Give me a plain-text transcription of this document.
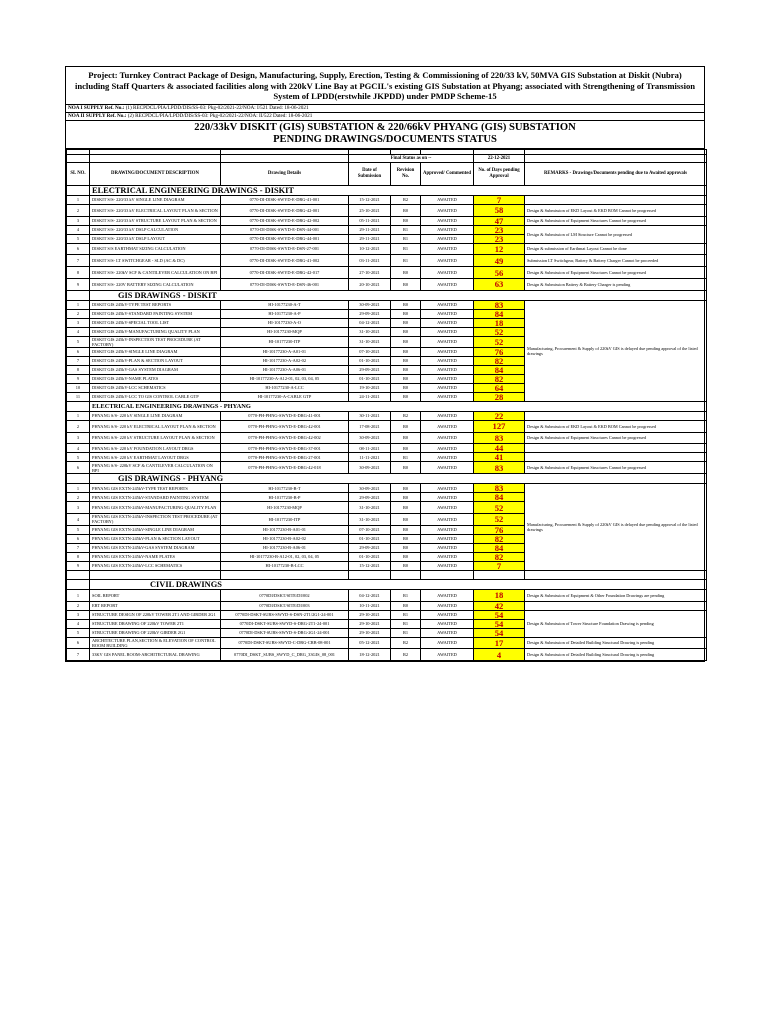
Project: Turnkey Contract Package of Design, Manufacturing, Supply, Erection, Testing & Commissioning of 220/33 kV, 50MVA GIS Substation at Diskit (Nubra) including Staff Quarters & associated facilities along with 220kV Line Bay at PGCIL's existing GIS Substation at Phyang; associated with Strengthening of Transmission System of LPDD(erstwhile JKPDD) under PMDP Scheme-15
NOA I SUPPLY Ref. No.: (1) RECPDCL/PIA/LPDD/DIS/SS-03: Pkg-02/2021-22/NOA: I/521 Dated: 18-06-2021
NOA II SUPPLY Ref. No.: (2) RECPDCL/PIA/LPDD/DIS/SS-03: Pkg-02/2021-22/NOA: II/522 Dated: 18-06-2021
220/33kV DISKIT (GIS) SUBSTATION & 220/66kV PHYANG (GIS) SUBSTATION
PENDING DRAWINGS/DOCUMENTS STATUS

			Final Status as on --			22-12-2021	
SL NO.	DRAWING/DOCUMENT DESCRIPTION	Drawing Details	Date of Submission	Revision No.	Approved/ Commented	No. of Days pending Approval	REMARKS - Drawings/Documents pending due to Awaited approvals
	ELECTRICAL ENGINEERING DRAWINGS - DISKIT						
1	DISKIT S/S- 220/33 kV SINGLE LINE DIAGRAM	0770-DI-DISK-SWYD-E-DRG-41-001	15-12-2021	R2	AWAITED	7	
2	DISKIT S/S- 220/33 kV ELECTRICAL LAYOUT PLAN & SECTION	0770-DI-DISK-SWYD-E-DRG-42-001	25-10-2021	R0	AWAITED	58	Design & Submission of EKD Layout & EKD BOM Cannot be progressed
3	DISKIT S/S- 220/33 kV STRUCTURE LAYOUT PLAN & SECTION	0770-DI-DISK-SWYD-E-DRG-42-002	05-11-2021	R0	AWAITED	47	Design & Submission of Equipment Structures Cannot be progressed
4	DISKIT S/S- 220/33 kV DSLP CALCULATION	0770-DI-DISK-SWYD-E-DSN-44-001	29-11-2021	R1	AWAITED	23	Design & Submission of LM Structure Cannot be progressed
5	DISKIT S/S- 220/33 kV DSLP LAYOUT	0770-DI-DISK-SWYD-E-DRG-44-001	29-11-2021	R1	AWAITED	23	
6	DISKIT S/S EARTHMAT SIZING CALCULATION	0770-DI-DISK-SWYD-E-DSN-27-001	10-12-2021	R1	AWAITED	12	Design & submission of Earthmat Layout Cannot be done
7	DISKIT S/S- LT SWITCHGEAR - SLD (AC & DC)	0770-DI-DISK-SWYD-E-DRG-41-002	03-11-2021	R1	AWAITED	49	Submission LT Switchgear, Battery & Battery Charger Cannot be proceeded
8	DISKIT S/S- 220kV SCF & CANTILEVER CALCULATION ON BPI	0770-DI-DISK-SWYD-E-DRG-42-017	27-10-2021	R0	AWAITED	56	Design & Submission of Equipment Structures Cannot be progressed
9	DISKIT S/S- 220V BATTERY SIZING CALCULATION	0770-DI-DISK-SWYD-E-DSN-46-001	20-10-2021	R0	AWAITED	63	Design & Submission Battery & Battery Charger is pending
	GIS DRAWINGS - DISKIT						
1	DISKIT GIS 245kV-TYPE TEST REPORTS	HI-10177230-A-T	30-09-2021	R0	AWAITED	83	Manufacturing, Procurement & Supply of 220kV GIS is delayed due pending approval of the listed drawings
2	DISKIT GIS 245kV-STANDARD PAINTING SYSTEM	HI-10177230-A-P	29-09-2021	R0	AWAITED	84	
3	DISKIT GIS 245kV-SPECIAL TOOL LIST	HI-10177230-A-O	04-12-2021	R0	AWAITED	18	
4	DISKIT GIS 245kV-MANUFACTURING QUALITY PLAN	HI-10177230-MQP	31-10-2021	R0	AWAITED	52	
5	DISKIT GIS 245kV-INSPECTION TEST PROCEDURE (AT FACTORY)	HI-10177230-ITP	31-10-2021	R0	AWAITED	52	
6	DISKIT GIS 245kV-SINGLE LINE DIAGRAM	HI-10177230-A-A01-01	07-10-2021	R0	AWAITED	76	
7	DISKIT GIS 245kV-PLAN & SECTION LAYOUT	HI-10177230-A-A02-02	01-10-2021	R0	AWAITED	82	
8	DISKIT GIS 245kV-GAS SYSTEM DIAGRAM	HI-10177230-A-A06-01	29-09-2021	R0	AWAITED	84	
9	DISKIT GIS 245kV-NAME PLATES	HI-10177230-A-A12-01, 02, 03, 04, 05	01-10-2021	R0	AWAITED	82	
10	DISKIT GIS 245kV-LCC SCHEMATICS	HI-10177230-A-LCC	19-10-2021	R0	AWAITED	64	
11	DISKIT GIS 245kV-LCC TO GIS CONTROL CABLE GTP	HI-10177230-A-CABLE GTP	24-11-2021	R0	AWAITED	28	
	ELECTRICAL ENGINEERING DRAWINGS - PHYANG						
1	PHYANG S/S- 220 kV SINGLE LINE DIAGRAM	0770-PH-PHNG-SWYD-E-DRG-41-001	30-11-2021	R2	AWAITED	22	
2	PHYANG S/S- 220 kV ELECTRICAL LAYOUT PLAN & SECTION	0770-PH-PHNG-SWYD-E-DRG-42-001	17-08-2021	R0	AWAITED	127	Design & Submission of EKD Layout & EKD BOM Cannot be progressed
3	PHYANG S/S- 220 kV STRUCTURE LAYOUT PLAN & SECTION	0770-PH-PHNG-SWYD-E-DRG-42-002	30-09-2021	R0	AWAITED	83	Design & Submission of Equipment Structures Cannot be progressed
4	PHYANG S/S- 220 kV FOUNDATION LAYOUT DRGS	0770-PH-PHNG-SWYD-E-DRG-37-001	08-11-2021	R0	AWAITED	44	
5	PHYANG S/S- 220 kV EARTHMAT LAYOUT DRGS	0770-PH-PHNG-SWYD-E-DRG-27-001	11-11-2021	R1	AWAITED	41	
6	PHYANG S/S- 220kV SCF & CANTILEVER CALCULATION ON BPI	0770-PH-PHNG-SWYD-E-DRG-42-018	30-09-2021	R0	AWAITED	83	Design & Submission of Equipment Structures Cannot be progressed
	GIS DRAWINGS - PHYANG						
1	PHYANG GIS EXTN-245kV-TYPE TEST REPORTS	HI-10177230-B-T	30-09-2021	R0	AWAITED	83	Manufacturing, Procurement & Supply of 220kV GIS is delayed due pending approval of the listed drawings
2	PHYANG GIS EXTN-245kV-STANDARD PAINTING SYSTEM	HI-10177230-B-P	29-09-2021	R0	AWAITED	84	
3	PHYANG GIS EXTN-245kV-MANUFACTURING QUALITY PLAN	HI-10177230-MQP	31-10-2021	R0	AWAITED	52	
4	PHYANG GIS EXTN-245kV-INSPECTION TEST PROCEDURE (AT FACTORY)	HI-10177230-ITP	31-10-2021	R0	AWAITED	52	
5	PHYANG GIS EXTN-245kV-SINGLE LINE DIAGRAM	HI-10177230-B-A01-01	07-10-2021	R0	AWAITED	76	
6	PHYANG GIS EXTN-245kV-PLAN & SECTION LAYOUT	HI-10177230-B-A02-02	01-10-2021	R0	AWAITED	82	
7	PHYANG GIS EXTN-245kV-GAS SYSTEM DIAGRAM	HI-10177230-B-A06-01	29-09-2021	R0	AWAITED	84	
8	PHYANG GIS EXTN-245kV-NAME PLATES	HI-10177230-B-A12-01, 02, 03, 04, 05	01-10-2021	R0	AWAITED	82	
9	PHYANG GIS EXTN-245kV-LCC SCHEMATICS	HI-10177230-B-LCC	15-12-2021	R0	AWAITED	7	

	CIVIL DRAWINGS						
1	SOIL REPORT	0770DI/DSKT/SITE/DI/002	04-12-2021	R1	AWAITED	18	Design & Submission of Equipment & Other Foundation Drawings are pending
2	ERT REPORT	0770DI/DSKT/SITE/DI/003	10-11-2021	R0	AWAITED	42	
3	STRUCTURE DESIGN OF 220kV TOWER 2T1 AND GIRDER 2G1	0770DI-DSKT-SUBS-SWYD-S-DSN-2T1/2G1-24-001	29-10-2021	R1	AWAITED	54	Design & Submission of Tower Structure Foundation Drawing is pending
4	STRUCTURE DRAWING OF 220kV TOWER 2T1	0770DI-DSKT-SUBS-SWYD-S-DRG-2T1-24-001	29-10-2021	R1	AWAITED	54	
5	STRUCTURE DRAWING OF 220kV GIRDER 2G1	0770DI-DSKT-SUBS-SWYD-S-DRG-2G1-24-001	29-10-2021	R1	AWAITED	54	
6	ARCHITECTURE PLAN,SECTION & ELEVATION OF CONTROL ROOM BUILDING	0770DI-DSKT-SUBS-SWYD-C-DRG-CRB-08-001	05-12-2021	R2	AWAITED	17	Design & Submission of Detailed Building Structural Drawing is pending
7	33KV GIS PANEL ROOM-ARCHITECTURAL DRAWING	0770DI_DSKT_SUBS_SWYD_C_DRG_33GIS_08_001	18-12-2021	R2	AWAITED	4	Design & Submission of Detailed Building Structural Drawing is pending
